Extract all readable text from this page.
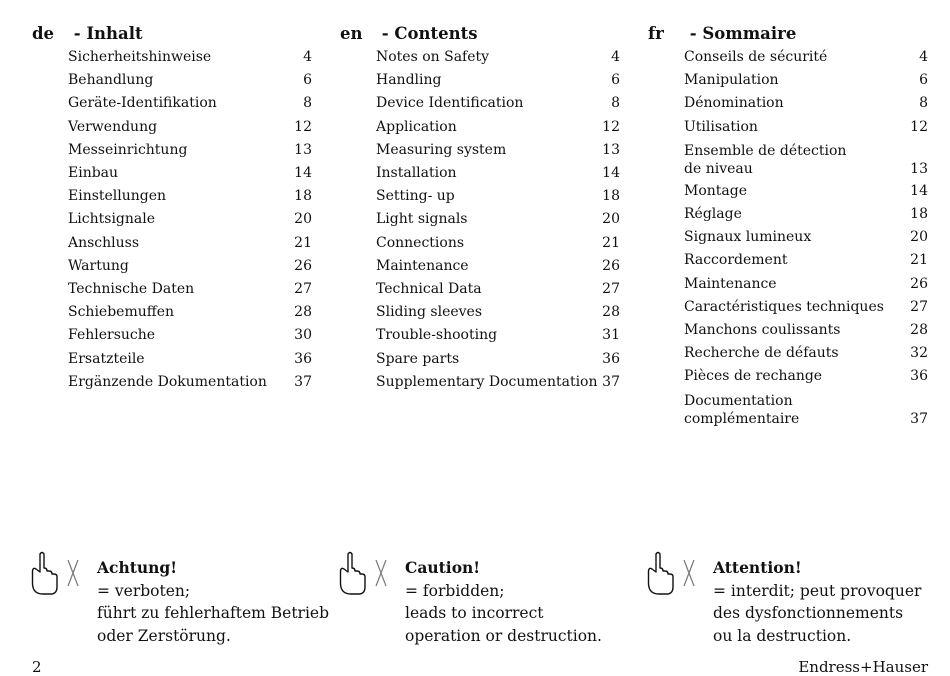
de - Inhalt
Sicherheitshinweise	4
Behandlung	6
Geräte-Identifikation	8
Verwendung	12
Messeinrichtung	13
Einbau	14
Einstellungen	18
Lichtsignale	20
Anschluss	21
Wartung	26
Technische Daten	27
Schiebemuffen	28
Fehlersuche	30
Ersatzteile	36
Ergänzende Dokumentation 37
en - Contents
Notes on Safety	4
Handling	6
Device Identification	8
Application	12
Measuring system	13
Installation	14
Setting- up	18
Light signals	20
Connections	21
Maintenance	26
Technical Data	27
Sliding sleeves	28
Trouble-shooting	31
Spare parts	36
Supplementary Documentation 37
fr - Sommaire
Conseils de sécurité	4
Manipulation	6
Dénomination	8
Utilisation	12
Ensemble de détection
de niveau	13
Montage	14
Réglage	18
Signaux lumineux	20
Raccordement	21
Maintenance	26
Caractéristiques techniques 27
Manchons coulissants	28
Recherche de défauts	32
Pièces de rechange	36
Documentation
complémentaire	37
Achtung!
= verboten;
führt zu fehlerhaftem Betrieb
oder Zerstörung.
Caution!
= forbidden;
leads to incorrect
operation or destruction.
Attention!
= interdit; peut provoquer
des dysfonctionnements
ou la destruction.
2	Endress+Hauser
